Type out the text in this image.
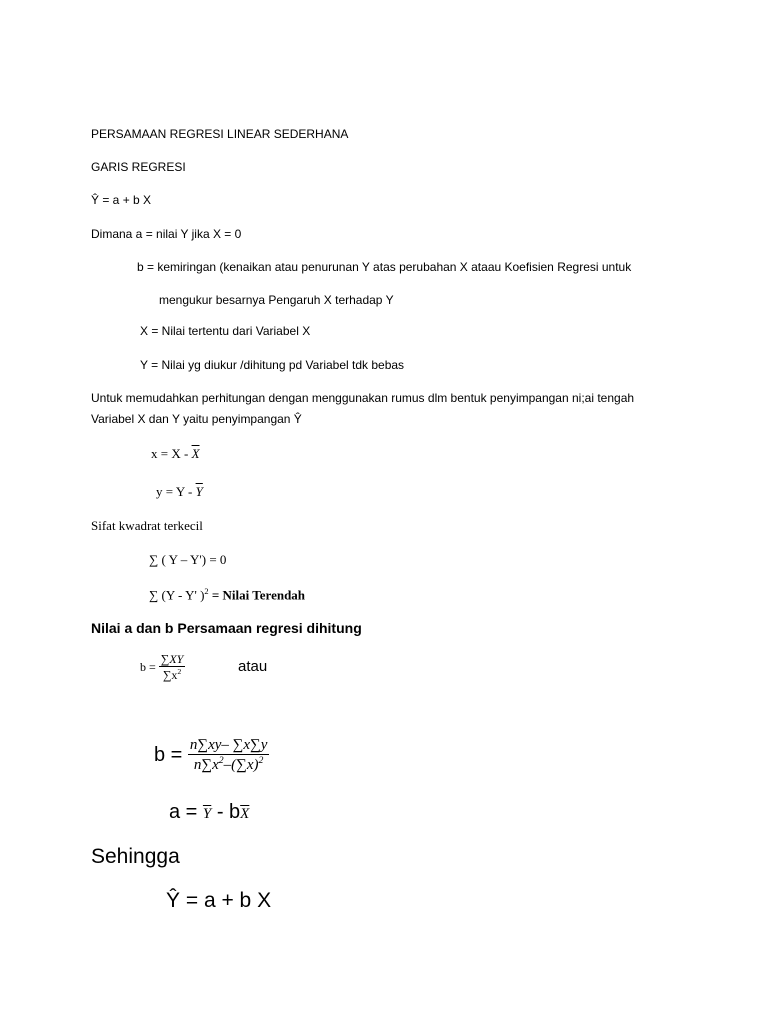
PERSAMAAN REGRESI LINEAR SEDERHANA
GARIS REGRESI
Ŷ = a + b X
Dimana a = nilai Y jika X = 0
b = kemiringan (kenaikan atau penurunan Y atas perubahan X ataau Koefisien Regresi untuk
mengukur besarnya Pengaruh X terhadap Y
X = Nilai tertentu dari Variabel X
Y = Nilai yg diukur /dihitung pd Variabel tdk bebas
Untuk memudahkan perhitungan dengan menggunakan rumus dlm bentuk penyimpangan ni;ai tengah
Variabel X dan Y yaitu penyimpangan Ŷ
$x = X - \overline{X}$
$y = Y - \overline{Y}$
Sifat kwadrat terkecil
∑ ( Y – Y') = 0
∑ (Y - Y' )$^2$ = Nilai Terendah
Nilai a dan b Persamaan regresi dihitung
$b = \frac{\sum XY}{\sum x^2}$	atau
$b = \frac{n\sum xy- \sum x\sum y}{n\sum x^2-(\sum x)^2}$
$a = \overline{Y} - b\overline{X}$
Sehingga
Ŷ = a + b X
